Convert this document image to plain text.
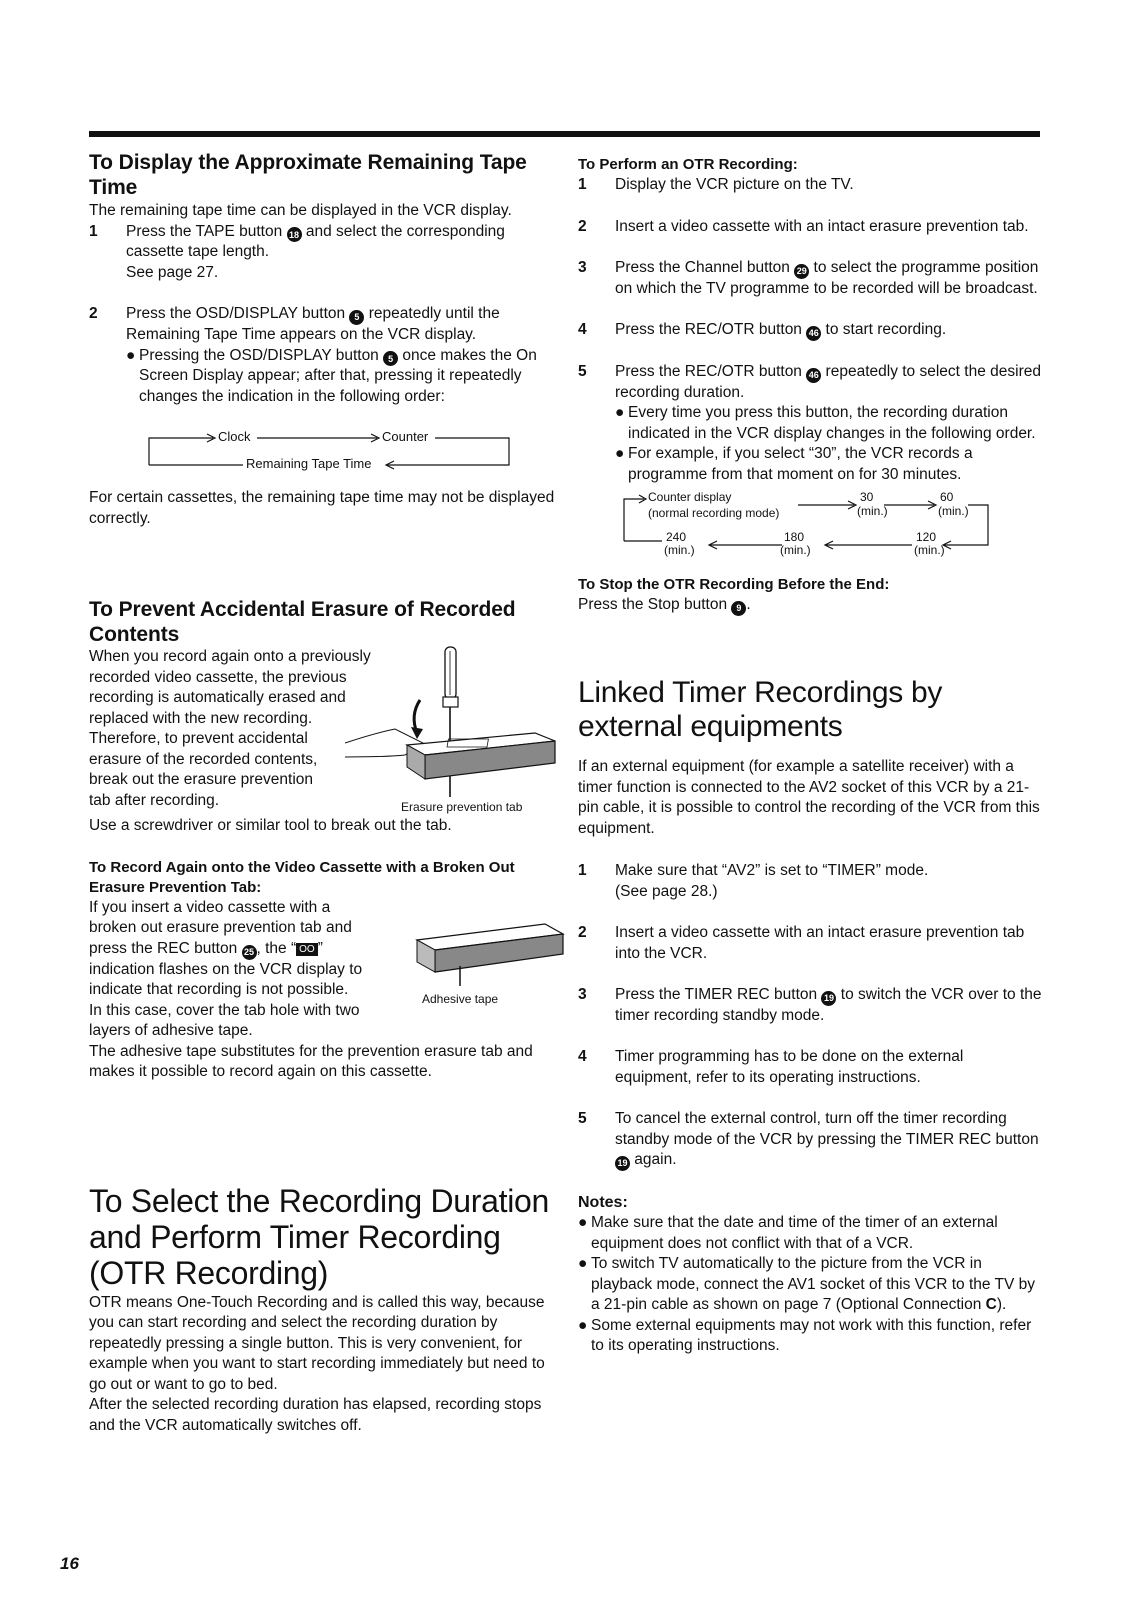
To Display the Approximate Remaining Tape Time

The remaining tape time can be displayed in the VCR display.

1	Press the TAPE button 18 and select the corresponding cassette tape length.
See page 27.
2	Press the OSD/DISPLAY button 5 repeatedly until the Remaining Tape Time appears on the VCR display.
● Pressing the OSD/DISPLAY button 5 once makes the On Screen Display appear; after that, pressing it repeatedly changes the indication in the following order:
Clock	Counter
Remaining Tape Time

For certain cassettes, the remaining tape time may not be displayed correctly.

To Prevent Accidental Erasure of Recorded Contents

When you record again onto a previously

recorded video cassette, the previous

recording is automatically erased and

replaced with the new recording.

Therefore, to prevent accidental

erasure of the recorded contents,

break out the erasure prevention

tab after recording.	Erasure prevention tab

Use a screwdriver or similar tool to break out the tab.

To Record Again onto the Video Cassette with a Broken Out Erasure Prevention Tab:

If you insert a video cassette with a

broken out erasure prevention tab and

press the REC button 25 , the “ OO ”

indication flashes on the VCR display to

indicate that recording is not possible.

In this case, cover the tab hole with two

layers of adhesive tape.

Adhesive tape

The adhesive tape substitutes for the prevention erasure tab and makes it possible to record again on this cassette.

To Select the Recording Duration and Perform Timer Recording (OTR Recording)

OTR means One-Touch Recording and is called this way, because you can start recording and select the recording duration by repeatedly pressing a single button. This is very convenient, for example when you want to start recording immediately but need to go out or want to go to bed.

After the selected recording duration has elapsed, recording stops and the VCR automatically switches off.

To Perform an OTR Recording:

1	Display the VCR picture on the TV.
2	Insert a video cassette with an intact erasure prevention tab.
3	Press the Channel button 29 to select the programme position on which the TV programme to be recorded will be broadcast.
4	Press the REC/OTR button 46 to start recording.
5	Press the REC/OTR button 46 repeatedly to select the desired recording duration.
● Every time you press this button, the recording duration indicated in the VCR display changes in the following order.
● For example, if you select “30”, the VCR records a programme from that moment on for 30 minutes.
Counter display
(normal recording mode)
30
(min.)
60
(min.)
240
(min.)
180
(min.)
120
(min.)

To Stop the OTR Recording Before the End:

Press the Stop button 9 .

Linked Timer Recordings by external equipments

If an external equipment (for example a satellite receiver) with a timer function is connected to the AV2 socket of this VCR by a 21-pin cable, it is possible to control the recording of the VCR from this equipment.

1	Make sure that “AV2” is set to “TIMER” mode.
(See page 28.)
2	Insert a video cassette with an intact erasure prevention tab into the VCR.
3	Press the TIMER REC button 19 to switch the VCR over to the timer recording standby mode.
4	Timer programming has to be done on the external equipment, refer to its operating instructions.
5	To cancel the external control, turn off the timer recording standby mode of the VCR by pressing the TIMER REC button 19 again.

Notes:

● Make sure that the date and time of the timer of an external equipment does not conflict with that of a VCR.
● To switch TV automatically to the picture from the VCR in playback mode, connect the AV1 socket of this VCR to the TV by a 21-pin cable as shown on page 7 (Optional Connection C).
● Some external equipments may not work with this function, refer to its operating instructions.
16
